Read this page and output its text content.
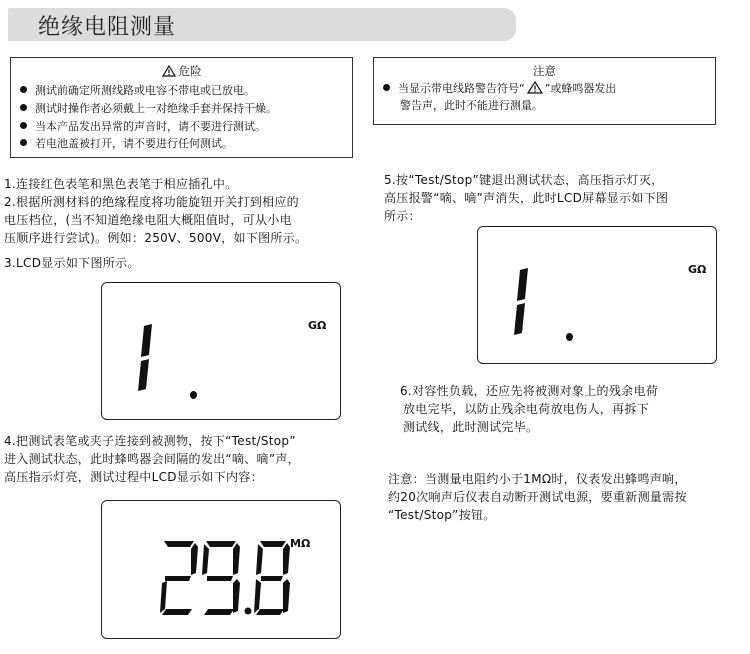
绝缘电阻测量
危险
测试前确定所测线路或电容不带电或已放电。
测试时操作者必须戴上一对绝缘手套并保持干燥。
当本产品发出异常的声音时，请不要进行测试。
若电池盖被打开，请不要进行任何测试。
注意
当显示带电线路警告符号“ ”或蜂鸣器发出
警告声，此时不能进行测量。
1.连接红色表笔和黑色表笔于相应插孔中。
2.根据所测材料的绝缘程度将功能旋钮开关打到相应的
电压档位，(当不知道绝缘电阻大概阻值时，可从小电
压顺序进行尝试)。例如：250V、500V，如下图所示。
3.LCD显示如下图所示。
GΩ
4.把测试表笔或夹子连接到被测物，按下“Test/Stop”
进入测试状态，此时蜂鸣器会间隔的发出“嘀、嘀”声，
高压指示灯亮，测试过程中LCD显示如下内容：
MΩ
5.按“Test/Stop”键退出测试状态，高压指示灯灭，
高压报警“嘀、嘀”声消失，此时LCD屏幕显示如下图
所示：
GΩ
6.对容性负载，还应先将被测对象上的残余电荷
放电完毕，以防止残余电荷放电伤人，再拆下
测试线，此时测试完毕。
注意：当测量电阻约小于1MΩ时，仪表发出蜂鸣声响，
约20次响声后仪表自动断开测试电源，要重新测量需按
“Test/Stop”按钮。
